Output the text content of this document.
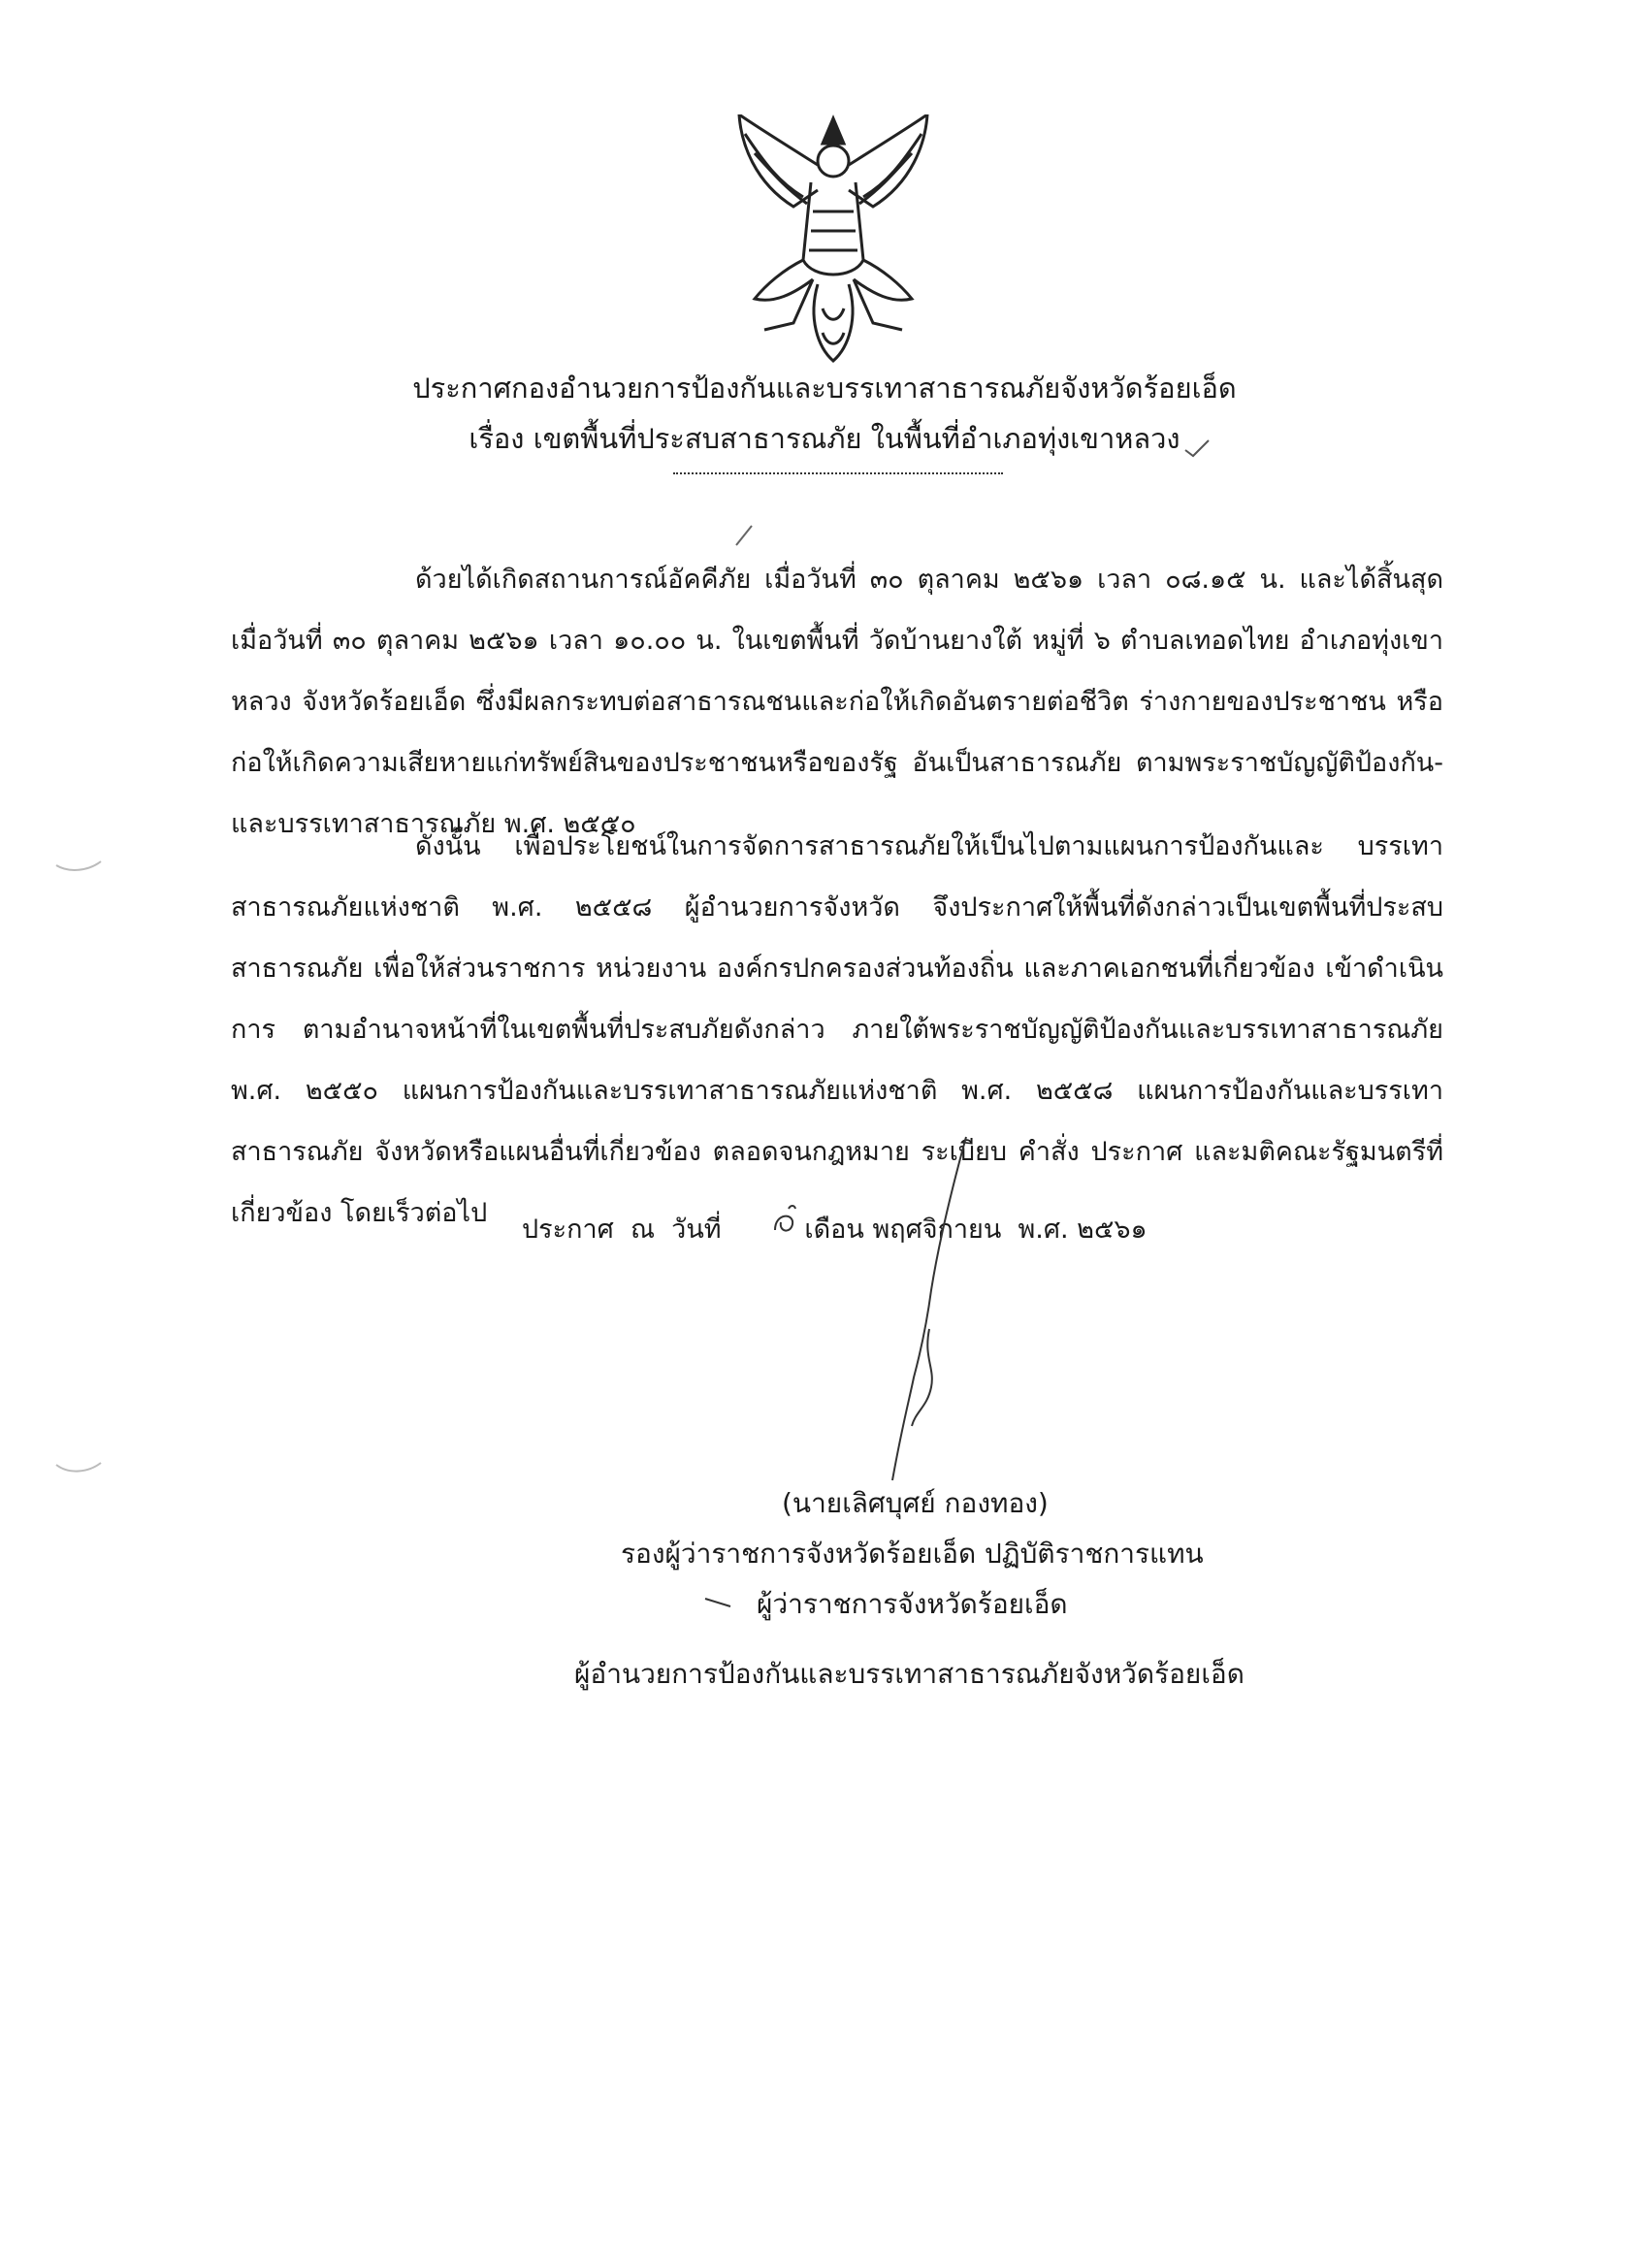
ประกาศกองอำนวยการป้องกันและบรรเทาสาธารณภัยจังหวัดร้อยเอ็ด
เรื่อง เขตพื้นที่ประสบสาธารณภัย ในพื้นที่อำเภอทุ่งเขาหลวง
ด้วยได้เกิดสถานการณ์อัคคีภัย เมื่อวันที่ ๓๐ ตุลาคม ๒๕๖๑ เวลา ๐๘.๑๕ น. และได้สิ้นสุด เมื่อวันที่ ๓๐ ตุลาคม ๒๕๖๑ เวลา ๑๐.๐๐ น. ในเขตพื้นที่ วัดบ้านยางใต้ หมู่ที่ ๖ ตำบลเทอดไทย อำเภอทุ่งเขาหลวง จังหวัดร้อยเอ็ด ซึ่งมีผลกระทบต่อสาธารณชนและก่อให้เกิดอันตรายต่อชีวิต ร่างกายของประชาชน หรือ ก่อให้เกิดความเสียหายแก่ทรัพย์สินของประชาชนหรือของรัฐ อันเป็นสาธารณภัย ตามพระราชบัญญัติป้องกัน- และบรรเทาสาธารณภัย พ.ศ. ๒๕๕๐
ดังนั้น เพื่อประโยชน์ในการจัดการสาธารณภัยให้เป็นไปตามแผนการป้องกันและ บรรเทาสาธารณภัยแห่งชาติ พ.ศ. ๒๕๕๘ ผู้อำนวยการจังหวัด จึงประกาศให้พื้นที่ดังกล่าวเป็นเขตพื้นที่ประสบ สาธารณภัย เพื่อให้ส่วนราชการ หน่วยงาน องค์กรปกครองส่วนท้องถิ่น และภาคเอกชนที่เกี่ยวข้อง เข้าดำเนินการ ตามอำนาจหน้าที่ในเขตพื้นที่ประสบภัยดังกล่าว ภายใต้พระราชบัญญัติป้องกันและบรรเทาสาธารณภัย พ.ศ. ๒๕๕๐ แผนการป้องกันและบรรเทาสาธารณภัยแห่งชาติ พ.ศ. ๒๕๕๘ แผนการป้องกันและบรรเทาสาธารณภัย จังหวัดหรือแผนอื่นที่เกี่ยวข้อง ตลอดจนกฎหมาย ระเบียบ คำสั่ง ประกาศ และมติคณะรัฐมนตรีที่เกี่ยวข้อง โดยเร็วต่อไป
ประกาศ  ณ  วันที่	เดือน พฤศจิกายน  พ.ศ. ๒๕๖๑
(นายเลิศบุศย์ กองทอง)
รองผู้ว่าราชการจังหวัดร้อยเอ็ด ปฏิบัติราชการแทน
ผู้ว่าราชการจังหวัดร้อยเอ็ด
ผู้อำนวยการป้องกันและบรรเทาสาธารณภัยจังหวัดร้อยเอ็ด
